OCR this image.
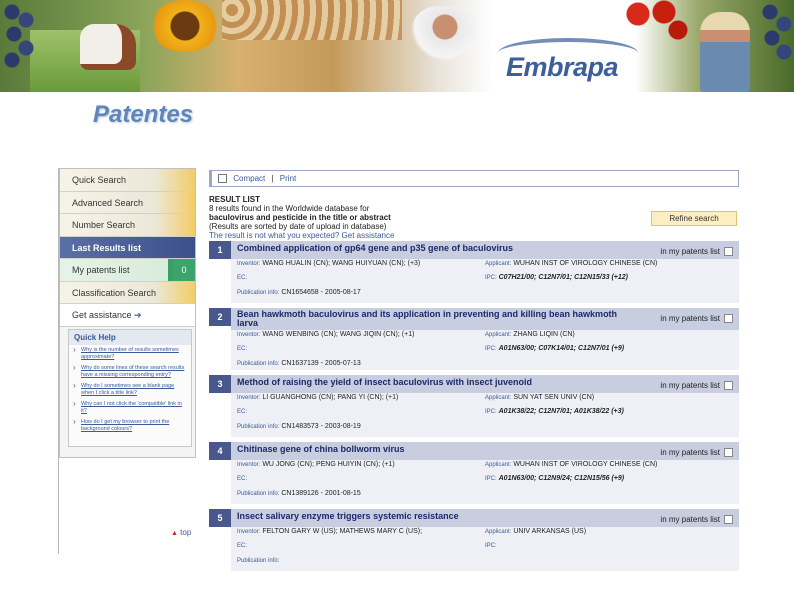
Embrapa
Patentes
Quick Search
Advanced Search
Number Search
Last Results list
My patents list	0
Classification Search
Get assistance ➔
Quick Help
› Why is the number of results sometimes approximate?
› Why do some lines of these search results have a missing corresponding entry?
› Why do I sometimes see a blank page when I click a title link?
› Why can I not click the 'compatible' link in it?
› How do I get my browser to print the background colours?
▲ top
Compact | Print
RESULT LIST
8 results found in the Worldwide database for
baculovirus and pesticide in the title or abstract
(Results are sorted by date of upload in database)
The result is not what you expected? Get assistance
Refine search
1	Combined application of gp64 gene and p35 gene of baculovirus	in my patents list
Inventor: WANG HUALIN (CN); WANG HUIYUAN (CN); (+3)	Applicant: WUHAN INST OF VIROLOGY CHINESE (CN)
EC:	IPC: C07H21/00; C12N7/01; C12N15/33 (+12)
Publication info: CN1654658 - 2005-08-17
2	Bean hawkmoth baculovirus and its application in preventing and killing bean hawkmoth larva	in my patents list
Inventor: WANG WENBING (CN); WANG JIQIN (CN); (+1)	Applicant: ZHANG LIQIN (CN)
EC:	IPC: A01N63/00; C07K14/01; C12N7/01 (+9)
Publication info: CN1637139 - 2005-07-13
3	Method of raising the yield of insect baculovirus with insect juvenoid	in my patents list
Inventor: LI GUANGHONG (CN); PANG YI (CN); (+1)	Applicant: SUN YAT SEN UNIV (CN)
EC:	IPC: A01K38/22; C12N7/01; A01K38/22 (+3)
Publication info: CN1483573 - 2003-08-19
4	Chitinase gene of china bollworm virus	in my patents list
Inventor: WU JONG (CN); PENG HUIYIN (CN); (+1)	Applicant: WUHAN INST OF VIROLOGY CHINESE (CN)
EC:	IPC: A01N63/00; C12N9/24; C12N15/56 (+9)
Publication info: CN1389126 - 2001-08-15
5	Insect salivary enzyme triggers systemic resistance	in my patents list
Inventor: FELTON GARY W (US); MATHEWS MARY C (US);	Applicant: UNIV ARKANSAS (US)
EC:	IPC:
Publication info:
